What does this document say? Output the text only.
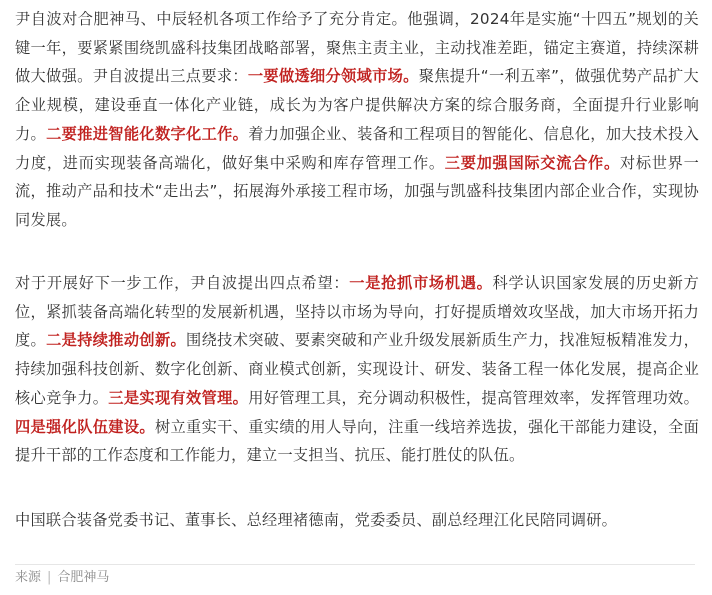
尹自波对合肥神马、中辰轻机各项工作给予了充分肯定。他强调，2024年是实施“十四五”规划的关键一年，要紧紧围绕凯盛科技集团战略部署，聚焦主责主业，主动找准差距，锚定主赛道，持续深耕做大做强。尹自波提出三点要求：一要做透细分领域市场。聚焦提升“一利五率”，做强优势产品扩大企业规模，建设垂直一体化产业链，成长为为客户提供解决方案的综合服务商，全面提升行业影响力。二要推进智能化数字化工作。着力加强企业、装备和工程项目的智能化、信息化，加大技术投入力度，进而实现装备高端化，做好集中采购和库存管理工作。三要加强国际交流合作。对标世界一流，推动产品和技术“走出去”，拓展海外承接工程市场，加强与凯盛科技集团内部企业合作，实现协同发展。

对于开展好下一步工作，尹自波提出四点希望：一是抢抓市场机遇。科学认识国家发展的历史新方位，紧抓装备高端化转型的发展新机遇，坚持以市场为导向，打好提质增效攻坚战，加大市场开拓力度。二是持续推动创新。围绕技术突破、要素突破和产业升级发展新质生产力，找准短板精准发力，持续加强科技创新、数字化创新、商业模式创新，实现设计、研发、装备工程一体化发展，提高企业核心竞争力。三是实现有效管理。用好管理工具，充分调动积极性，提高管理效率，发挥管理功效。四是强化队伍建设。树立重实干、重实绩的用人导向，注重一线培养选拔，强化干部能力建设，全面提升干部的工作态度和工作能力，建立一支担当、抗压、能打胜仗的队伍。

中国联合装备党委书记、董事长、总经理褚德南，党委委员、副总经理江化民陪同调研。

来源 | 合肥神马
